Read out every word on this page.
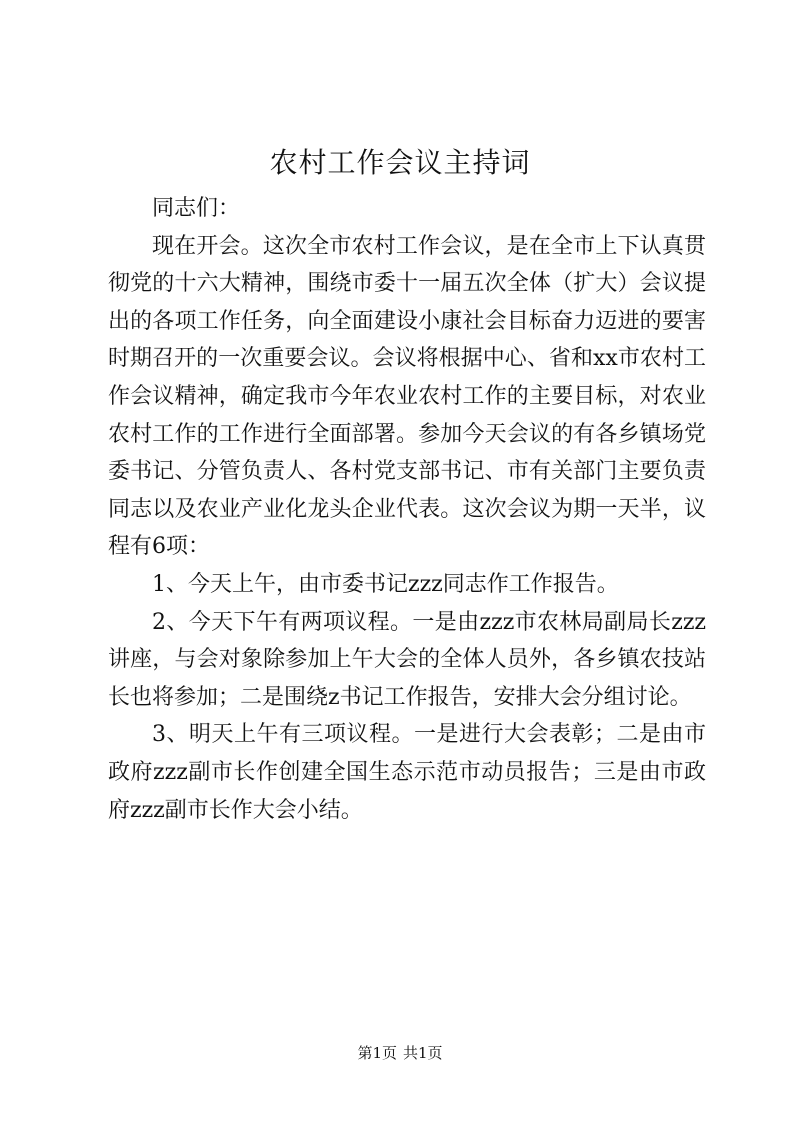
农村工作会议主持词

同志们：

现在开会。这次全市农村工作会议，是在全市上下认真贯彻党的十六大精神，围绕市委十一届五次全体（扩大）会议提出的各项工作任务，向全面建设小康社会目标奋力迈进的要害时期召开的一次重要会议。会议将根据中心、省和xx市农村工作会议精神，确定我市今年农业农村工作的主要目标，对农业农村工作的工作进行全面部署。参加今天会议的有各乡镇场党委书记、分管负责人、各村党支部书记、市有关部门主要负责同志以及农业产业化龙头企业代表。这次会议为期一天半，议程有6项：

1、今天上午，由市委书记zzz同志作工作报告。

2、今天下午有两项议程。一是由zzz市农林局副局长zzz讲座，与会对象除参加上午大会的全体人员外，各乡镇农技站长也将参加；二是围绕z书记工作报告，安排大会分组讨论。

3、明天上午有三项议程。一是进行大会表彰；二是由市政府zzz副市长作创建全国生态示范市动员报告；三是由市政府zzz副市长作大会小结。

第1页 共1页
